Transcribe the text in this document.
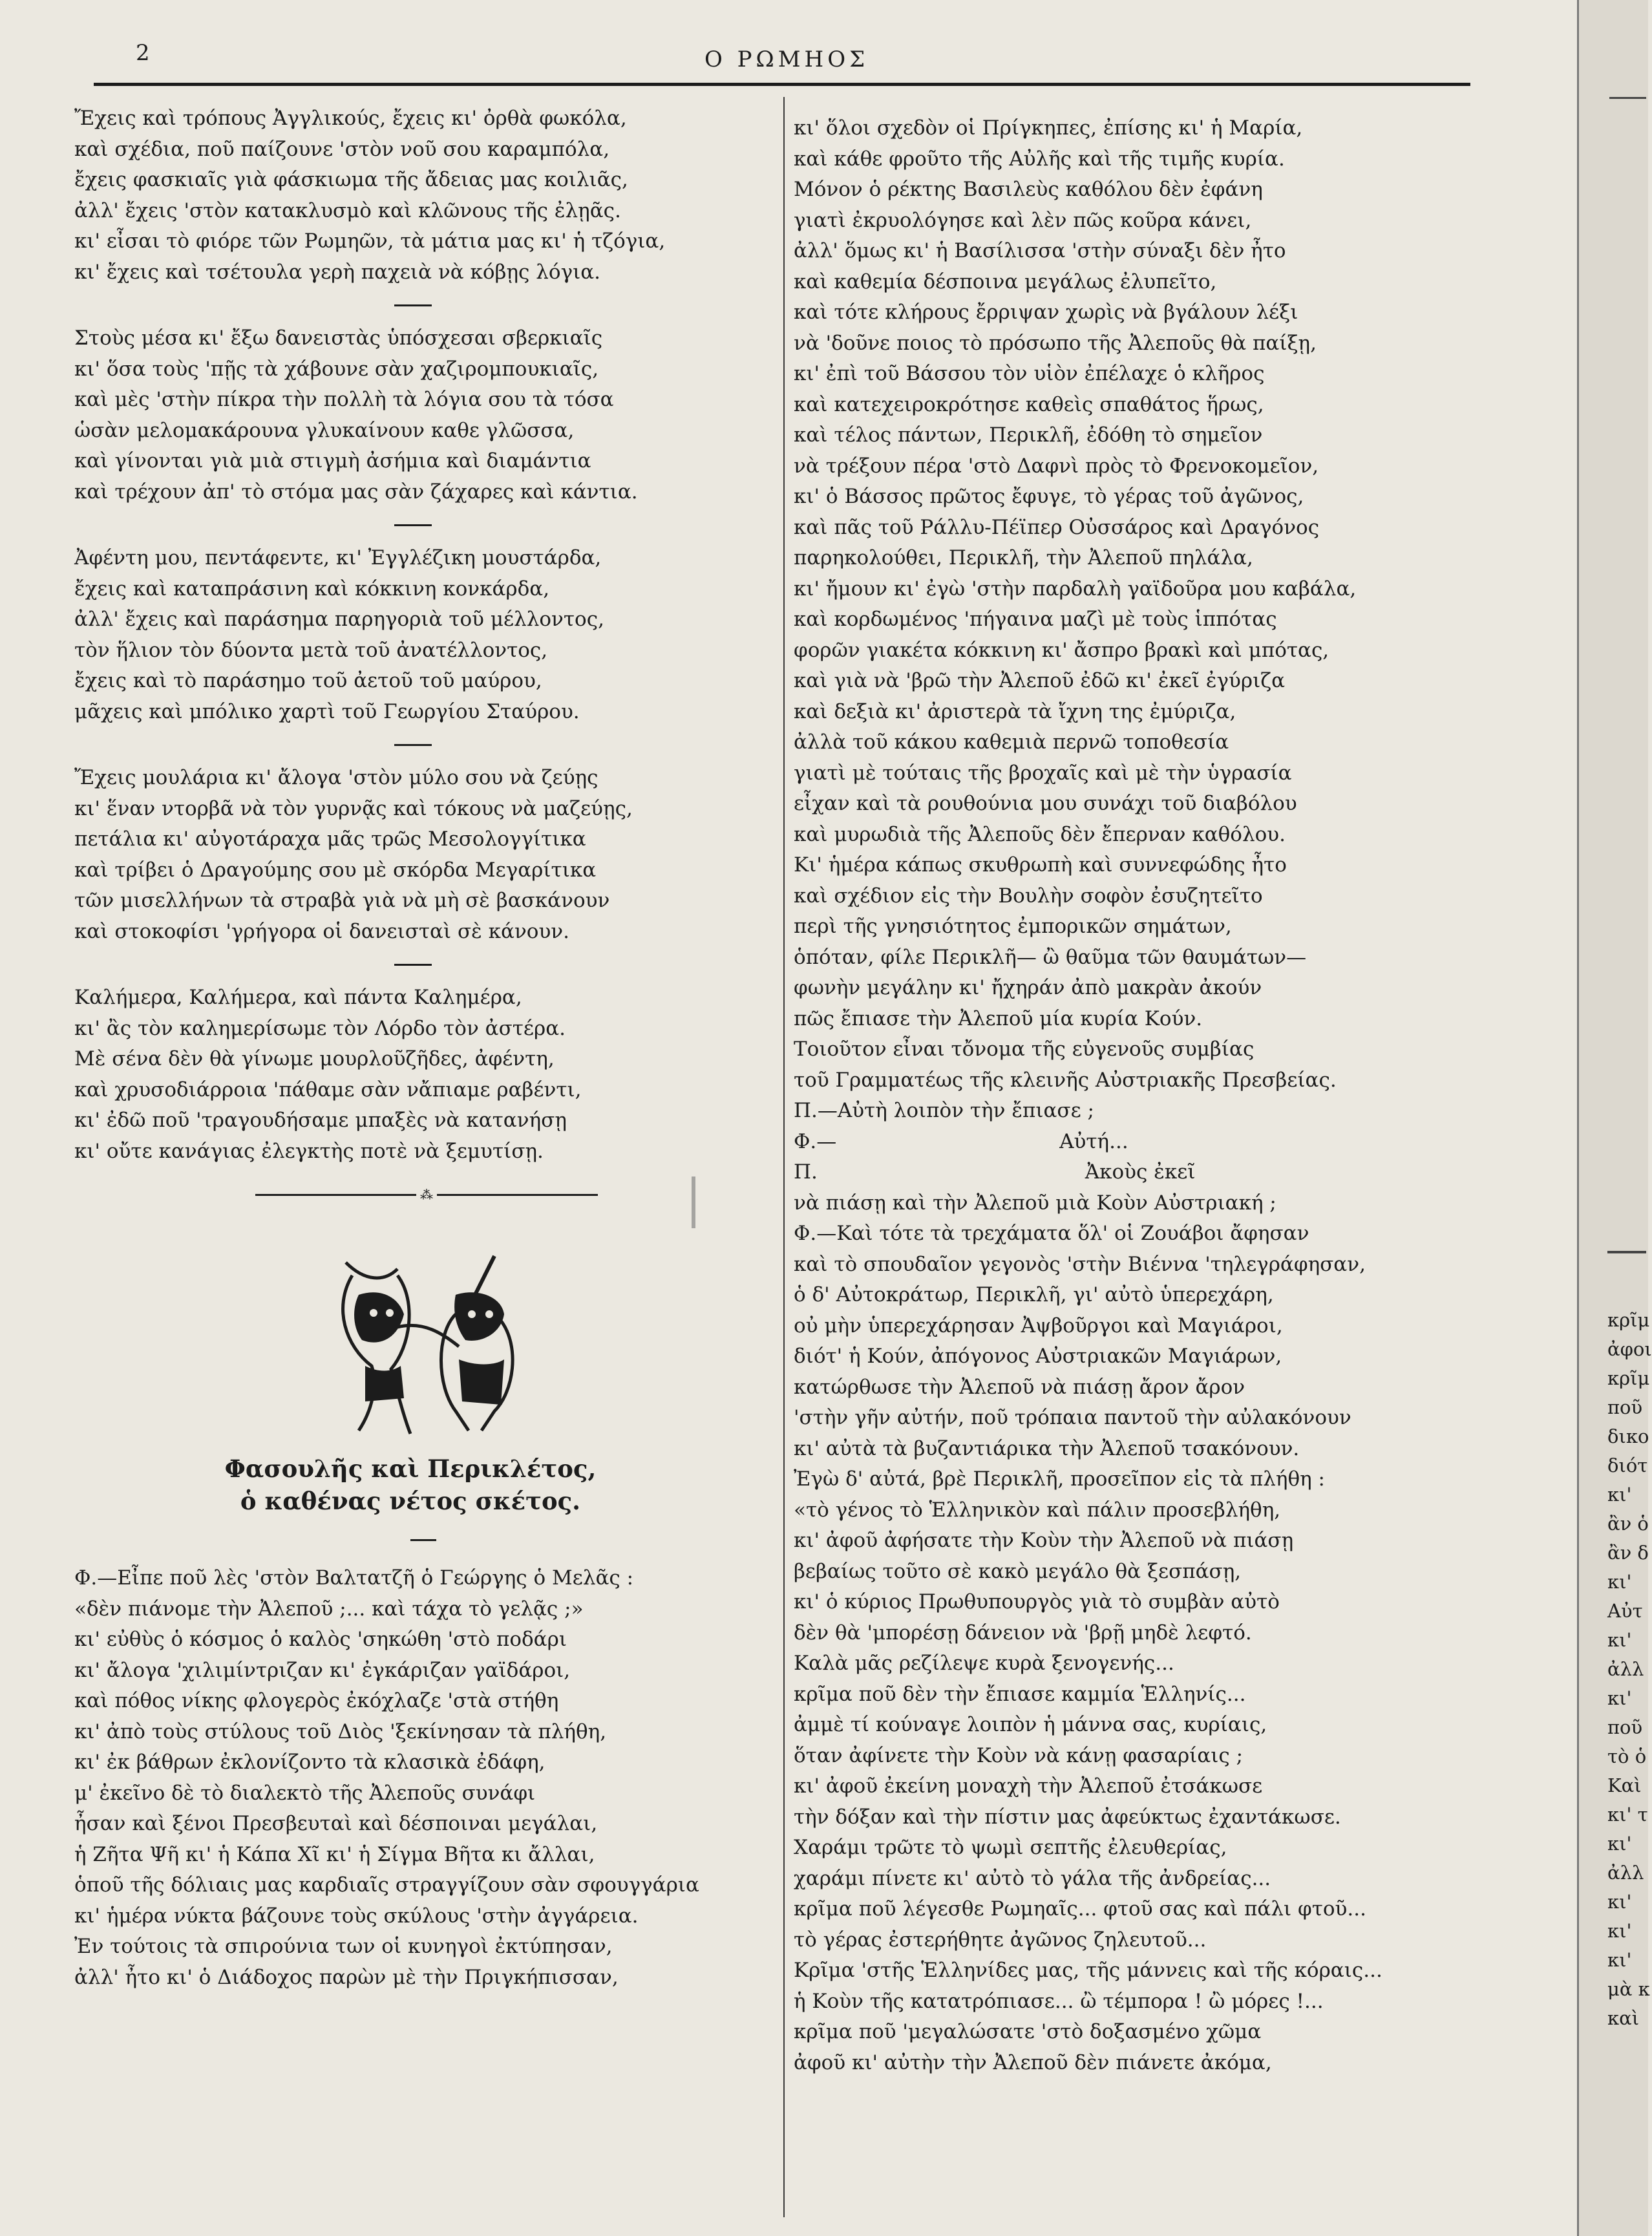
κρῖμ
ἀφοι
κρῖμ
ποῦ
δικο
διότ
κι'
ἂν ὁ
ἂν δ
κι'
Αὐτ
κι'
ἀλλ
κι'
ποῦ
τὸ ὁ
Καὶ
κι' τ
κι'
ἀλλ
κι'
κι'
κι'
μὰ κ
καὶ
2	Ο ΡΩΜΗΟΣ
Ἔχεις καὶ τρόπους Ἀγγλικούς, ἔχεις κι' ὀρθὰ φωκόλα,
καὶ σχέδια, ποῦ παίζουνε 'στὸν νοῦ σου καραμπόλα,
ἔχεις φασκιαῖς γιὰ φάσκιωμα τῆς ἄδειας μας κοιλιᾶς,
ἀλλ' ἔχεις 'στὸν κατακλυσμὸ καὶ κλῶνους τῆς ἐλῃᾶς.
κι' εἶσαι τὸ φιόρε τῶν Ρωμηῶν, τὰ μάτια μας κι' ἡ τζόγια,
κι' ἔχεις καὶ τσέτουλα γερὴ παχειὰ νὰ κόβῃς λόγια.
Στοὺς μέσα κι' ἔξω δανειστὰς ὑπόσχεσαι σβερκιαῖς
κι' ὅσα τοὺς 'πῇς τὰ χάβουνε σὰν χαζιρομπουκιαῖς,
καὶ μὲς 'στὴν πίκρα τὴν πολλὴ τὰ λόγια σου τὰ τόσα
ὡσὰν μελομακάρουνα γλυκαίνουν καθε γλῶσσα,
καὶ γίνονται γιὰ μιὰ στιγμὴ ἀσήμια καὶ διαμάντια
καὶ τρέχουν ἀπ' τὸ στόμα μας σὰν ζάχαρες καὶ κάντια.
Ἀφέντη μου, πεντάφεντε, κι' Ἐγγλέζικη μουστάρδα,
ἔχεις καὶ καταπράσινη καὶ κόκκινη κονκάρδα,
ἀλλ' ἔχεις καὶ παράσημα παρηγοριὰ τοῦ μέλλοντος,
τὸν ἥλιον τὸν δύοντα μετὰ τοῦ ἀνατέλλοντος,
ἔχεις καὶ τὸ παράσημο τοῦ ἀετοῦ τοῦ μαύρου,
μᾶχεις καὶ μπόλικο χαρτὶ τοῦ Γεωργίου Σταύρου.
Ἔχεις μουλάρια κι' ἄλογα 'στὸν μύλο σου νὰ ζεύῃς
κι' ἕναν ντορβᾶ νὰ τὸν γυρνᾷς καὶ τόκους νὰ μαζεύῃς,
πετάλια κι' αὐγοτάραχα μᾶς τρῶς Μεσολογγίτικα
καὶ τρίβει ὁ Δραγούμης σου μὲ σκόρδα Μεγαρίτικα
τῶν μισελλήνων τὰ στραβὰ γιὰ νὰ μὴ σὲ βασκάνουν
καὶ στοκοφίσι 'γρήγορα οἱ δανεισταὶ σὲ κάνουν.
Καλήμερα, Καλήμερα, καὶ πάντα Καλημέρα,
κι' ἂς τὸν καλημερίσωμε τὸν Λόρδο τὸν ἀστέρα.
Μὲ σένα δὲν θὰ γίνωμε μουρλοῦζῆδες, ἀφέντη,
καὶ χρυσοδιάρροια 'πάθαμε σὰν νἄπιαμε ραβέντι,
κι' ἐδῶ ποῦ 'τραγουδήσαμε μπαξὲς νὰ κατανήσῃ
κι' οὔτε κανάγιας ἐλεγκτὴς ποτὲ νὰ ξεμυτίσῃ.
⁂
Φασουλῆς καὶ Περικλέτος,
ὁ καθένας νέτος σκέτος.
Φ.—Εἶπε ποῦ λὲς 'στὸν Βαλτατζῆ ὁ Γεώργης ὁ Μελᾶς :
«δὲν πιάνομε τὴν Ἀλεποῦ ;... καὶ τάχα τὸ γελᾷς ;»
κι' εὐθὺς ὁ κόσμος ὁ καλὸς 'σηκώθη 'στὸ ποδάρι
κι' ἄλογα 'χιλιμίντριζαν κι' ἐγκάριζαν γαϊδάροι,
καὶ πόθος νίκης φλογερὸς ἐκόχλαζε 'στὰ στήθη
κι' ἀπὸ τοὺς στύλους τοῦ Διὸς 'ξεκίνησαν τὰ πλήθη,
κι' ἐκ βάθρων ἐκλονίζοντο τὰ κλασικὰ ἐδάφη,
μ' ἐκεῖνο δὲ τὸ διαλεκτὸ τῆς Ἀλεποῦς συνάφι
ἦσαν καὶ ξένοι Πρεσβευταὶ καὶ δέσποιναι μεγάλαι,
ἡ Ζῆτα Ψῆ κι' ἡ Κάπα Χῖ κι' ἡ Σίγμα Βῆτα κι ἄλλαι,
ὁποῦ τῆς δόλιαις μας καρδιαῖς στραγγίζουν σὰν σφουγγάρια
κι' ἡμέρα νύκτα βάζουνε τοὺς σκύλους 'στὴν ἀγγάρεια.
Ἐν τούτοις τὰ σπιρούνια των οἱ κυνηγοὶ ἐκτύπησαν,
ἀλλ' ἦτο κι' ὁ Διάδοχος παρὼν μὲ τὴν Πριγκήπισσαν,
κι' ὅλοι σχεδὸν οἱ Πρίγκηπες, ἐπίσης κι' ἡ Μαρία,
καὶ κάθε φροῦτο τῆς Αὐλῆς καὶ τῆς τιμῆς κυρία.
Μόνον ὁ ρέκτης Βασιλεὺς καθόλου δὲν ἐφάνη
γιατὶ ἐκρυολόγησε καὶ λὲν πῶς κοῦρα κάνει,
ἀλλ' ὅμως κι' ἡ Βασίλισσα 'στὴν σύναξι δὲν ἦτο
καὶ καθεμία δέσποινα μεγάλως ἐλυπεῖτο,
καὶ τότε κλήρους ἔρριψαν χωρὶς νὰ βγάλουν λέξι
νὰ 'δοῦνε ποιος τὸ πρόσωπο τῆς Ἀλεποῦς θὰ παίξῃ,
κι' ἐπὶ τοῦ Βάσσου τὸν υἱὸν ἐπέλαχε ὁ κλῆρος
καὶ κατεχειροκρότησε καθεὶς σπαθάτος ἥρως,
καὶ τέλος πάντων, Περικλῆ, ἐδόθη τὸ σημεῖον
νὰ τρέξουν πέρα 'στὸ Δαφνὶ πρὸς τὸ Φρενοκομεῖον,
κι' ὁ Βάσσος πρῶτος ἔφυγε, τὸ γέρας τοῦ ἀγῶνος,
καὶ πᾶς τοῦ Ράλλυ-Πέϊπερ Οὐσσάρος καὶ Δραγόνος
παρηκολούθει, Περικλῆ, τὴν Ἀλεποῦ πηλάλα,
κι' ἤμουν κι' ἐγὼ 'στὴν παρδαλὴ γαϊδοῦρα μου καβάλα,
καὶ κορδωμένος 'πήγαινα μαζὶ μὲ τοὺς ἱππότας
φορῶν γιακέτα κόκκινη κι' ἄσπρο βρακὶ καὶ μπότας,
καὶ γιὰ νὰ 'βρῶ τὴν Ἀλεποῦ ἐδῶ κι' ἐκεῖ ἐγύριζα
καὶ δεξιὰ κι' ἀριστερὰ τὰ ἴχνη της ἐμύριζα,
ἀλλὰ τοῦ κάκου καθεμιὰ περνῶ τοποθεσία
γιατὶ μὲ τούταις τῆς βροχαῖς καὶ μὲ τὴν ὑγρασία
εἶχαν καὶ τὰ ρουθούνια μου συνάχι τοῦ διαβόλου
καὶ μυρωδιὰ τῆς Ἀλεποῦς δὲν ἔπερναν καθόλου.
Κι' ἡμέρα κάπως σκυθρωπὴ καὶ συννεφώδης ἦτο
καὶ σχέδιον εἰς τὴν Βουλὴν σοφὸν ἐσυζητεῖτο
περὶ τῆς γνησιότητος ἐμπορικῶν σημάτων,
ὁπόταν, φίλε Περικλῆ— ὢ θαῦμα τῶν θαυμάτων—
φωνὴν μεγάλην κι' ἤχηράν ἀπὸ μακρὰν ἀκούν
πῶς ἔπιασε τὴν Ἀλεποῦ μία κυρία Κούν.
Τοιοῦτον εἶναι τὄνομα τῆς εὐγενοῦς συμβίας
τοῦ Γραμματέως τῆς κλεινῆς Αὐστριακῆς Πρεσβείας.
Π.—Αὐτὴ λοιπὸν τὴν ἔπιασε ;
Φ.—                                   Αὐτή...
Π.                                          Ἀκοὺς ἐκεῖ
νὰ πιάσῃ καὶ τὴν Ἀλεποῦ μιὰ Κοὺν Αὐστριακή ;
Φ.—Καὶ τότε τὰ τρεχάματα ὅλ' οἱ Ζουάβοι ἄφησαν
καὶ τὸ σπουδαῖον γεγονὸς 'στὴν Βιέννα 'τηλεγράφησαν,
ὁ δ' Αὐτοκράτωρ, Περικλῆ, γι' αὐτὸ ὑπερεχάρη,
οὐ μὴν ὑπερεχάρησαν Ἀψβοῦργοι καὶ Μαγιάροι,
διότ' ἡ Κούν, ἀπόγονος Αὐστριακῶν Μαγιάρων,
κατώρθωσε τὴν Ἀλεποῦ νὰ πιάσῃ ἄρον ἄρον
'στὴν γῆν αὐτήν, ποῦ τρόπαια παντοῦ τὴν αὐλακόνουν
κι' αὐτὰ τὰ βυζαντιάρικα τὴν Ἀλεποῦ τσακόνουν.
Ἐγὼ δ' αὐτά, βρὲ Περικλῆ, προσεῖπον εἰς τὰ πλήθη :
«τὸ γένος τὸ Ἑλληνικὸν καὶ πάλιν προσεβλήθη,
κι' ἀφοῦ ἀφήσατε τὴν Κοὺν τὴν Ἀλεποῦ νὰ πιάσῃ
βεβαίως τοῦτο σὲ κακὸ μεγάλο θὰ ξεσπάσῃ,
κι' ὁ κύριος Πρωθυπουργὸς γιὰ τὸ συμβὰν αὐτὸ
δὲν θὰ 'μπορέσῃ δάνειον νὰ 'βρῇ μηδὲ λεφτό.
Καλὰ μᾶς ρεζίλεψε κυρὰ ξενογενής...
κρῖμα ποῦ δὲν τὴν ἔπιασε καμμία Ἑλληνίς...
ἀμμὲ τί κούναγε λοιπὸν ἡ μάννα σας, κυρίαις,
ὅταν ἀφίνετε τὴν Κοὺν νὰ κάνῃ φασαρίαις ;
κι' ἀφοῦ ἐκείνη μοναχὴ τὴν Ἀλεποῦ ἐτσάκωσε
τὴν δόξαν καὶ τὴν πίστιν μας ἀφεύκτως ἐχαντάκωσε.
Χαράμι τρῶτε τὸ ψωμὶ σεπτῆς ἐλευθερίας,
χαράμι πίνετε κι' αὐτὸ τὸ γάλα τῆς ἀνδρείας...
κρῖμα ποῦ λέγεσθε Ρωμηαῖς... φτοῦ σας καὶ πάλι φτοῦ...
τὸ γέρας ἐστερήθητε ἀγῶνος ζηλευτοῦ...
Κρῖμα 'στῆς Ἑλληνίδες μας, τῆς μάννεις καὶ τῆς κόραις...
ἡ Κοὺν τῆς κατατρόπιασε... ὢ τέμπορα ! ὢ μόρες !...
κρῖμα ποῦ 'μεγαλώσατε 'στὸ δοξασμένο χῶμα
ἀφοῦ κι' αὐτὴν τὴν Ἀλεποῦ δὲν πιάνετε ἀκόμα,
